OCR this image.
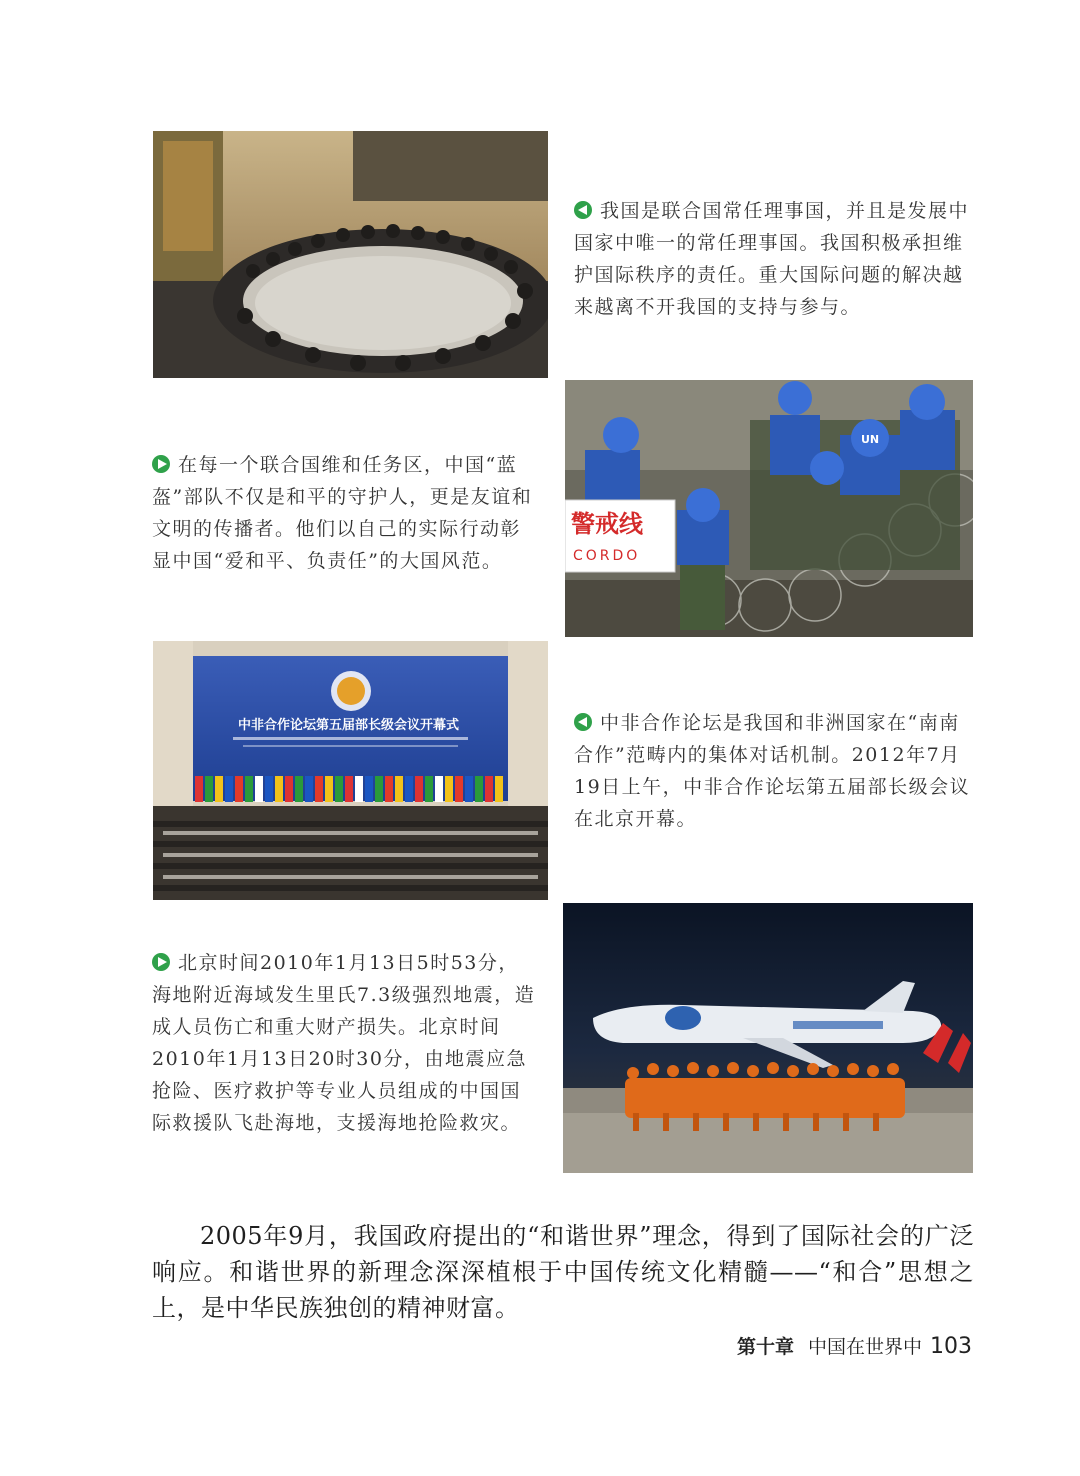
我国是联合国常任理事国，并且是发展中国家中唯一的常任理事国。我国积极承担维护国际秩序的责任。重大国际问题的解决越来越离不开我国的支持与参与。
UN
警戒线
CORDO
在每一个联合国维和任务区，中国“蓝盔”部队不仅是和平的守护人，更是友谊和文明的传播者。他们以自己的实际行动彰显中国“爱和平、负责任”的大国风范。
中非合作论坛第五届部长级会议开幕式	中非合作论坛是我国和非洲国家在“南南合作”范畴内的集体对话机制。2012年7月19日上午，中非合作论坛第五届部长级会议在北京开幕。
北京时间2010年1月13日5时53分，海地附近海域发生里氏7.3级强烈地震，造成人员伤亡和重大财产损失。北京时间2010年1月13日20时30分，由地震应急抢险、医疗救护等专业人员组成的中国国际救援队飞赴海地，支援海地抢险救灾。
2005年9月，我国政府提出的“和谐世界”理念，得到了国际社会的广泛响应。和谐世界的新理念深深植根于中国传统文化精髓——“和合”思想之上，是中华民族独创的精神财富。
第十章 中国在世界中 103
